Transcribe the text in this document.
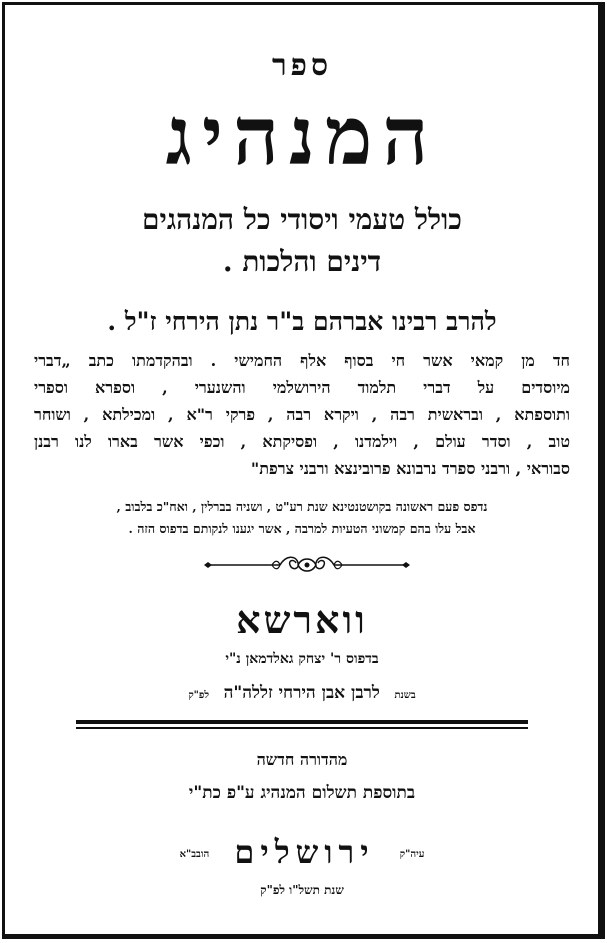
ספר
המנהיג
כולל טעמי ויסודי כל המנהגים
דינים והלכות .
להרב רבינו אברהם ב"ר נתן הירחי ז"ל .
חד מן קמאי אשר חי בסוף אלף החמישי . ובהקדמתו כתב „דברי
מיוסדים על דברי תלמוד הירושלמי והשנערי , וספרא וספרי
ותוספתא , ובראשית רבה , ויקרא רבה , פרקי ר"א , ומכילתא , ושוחר
טוב , וסדר עולם , וילמדנו , ופסיקתא , וכפי אשר בארו לנו רבנן
סבוראי , ורבני ספרד נרבונא פרובינצא ורבני צרפת"
נדפס פעם ראשונה בקושטנטינא שנת רע"ט , ושניה בברלין , ואח"כ בלבוב ,
אבל עלו בהם קמשוני הטעיות למרבה , אשר יגענו לנקותם בדפוס הזה .
ווארשא
בדפוס ר' יצחק גאלדמאן נ"י
בשנת   לרבן אבן הירחי זללה"ה   לפ"ק
מהדורה חדשה
בתוספת תשלום המנהיג ע"פ כת"י
עיה"ק ירושלים הובב"א
שנת תשל"ו לפ"ק
